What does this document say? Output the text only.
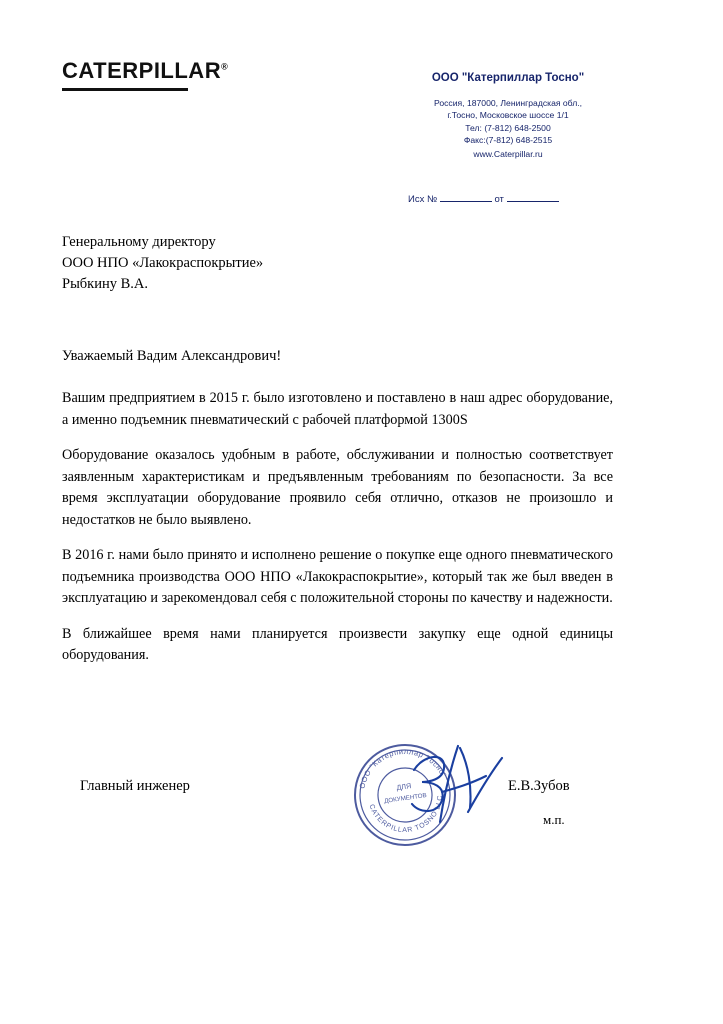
CATERPILLAR®
ООО "Катерпиллар Тосно"
Россия, 187000, Ленинградская обл.,
г.Тосно, Московское шоссе 1/1
Тел: (7-812) 648-2500
Факс:(7-812) 648-2515
www.Caterpillar.ru
Исх №	от
Генеральному директору
ООО НПО «Лакокраспокрытие»
Рыбкину В.А.
Уважаемый Вадим Александрович!

Вашим предприятием в 2015 г. было изготовлено и поставлено в наш адрес оборудование, а именно подъемник пневматический с рабочей платформой 1300S

Оборудование оказалось удобным в работе, обслуживании и полностью соответствует заявленным характеристикам и предъявленным требованиям по безопасности. За все время эксплуатации оборудование проявило себя отлично, отказов не произошло и недостатков не было выявлено.

В 2016 г. нами было принято и исполнено решение о покупке еще одного пневматического подъемника производства ООО НПО «Лакокраспокрытие», который так же был введен в эксплуатацию и зарекомендовал себя с положительной стороны по качеству и надежности.

В ближайшее время нами планируется произвести закупку еще одной единицы оборудования.

Главный инженер	Е.В.Зубов
м.п.
ООО "Катерпиллар Тосно"
CATERPILLAR TOSNO LLC
ДЛЯ
ДОКУМЕНТОВ
